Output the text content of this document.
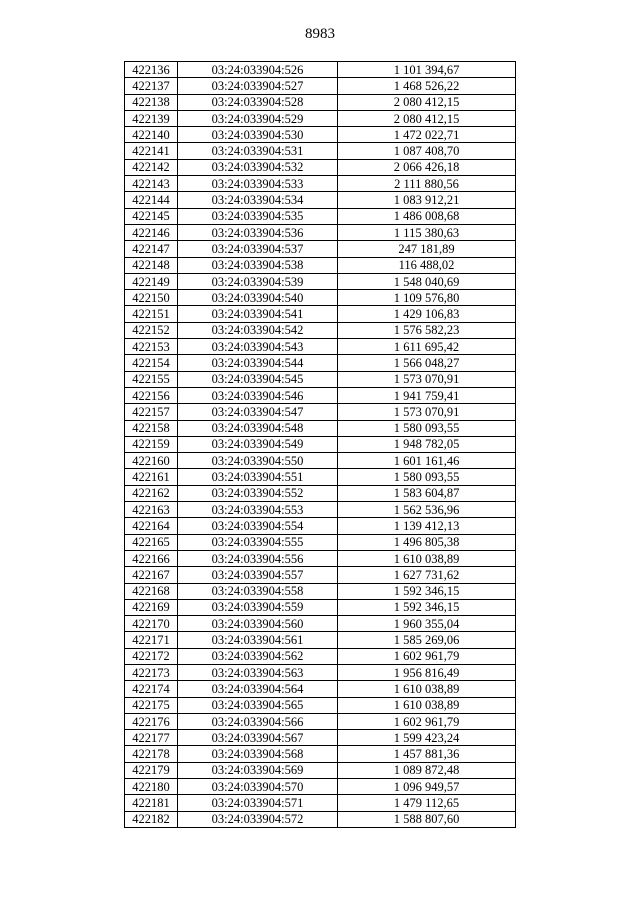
8983
422136	03:24:033904:526	1 101 394,67
422137	03:24:033904:527	1 468 526,22
422138	03:24:033904:528	2 080 412,15
422139	03:24:033904:529	2 080 412,15
422140	03:24:033904:530	1 472 022,71
422141	03:24:033904:531	1 087 408,70
422142	03:24:033904:532	2 066 426,18
422143	03:24:033904:533	2 111 880,56
422144	03:24:033904:534	1 083 912,21
422145	03:24:033904:535	1 486 008,68
422146	03:24:033904:536	1 115 380,63
422147	03:24:033904:537	247 181,89
422148	03:24:033904:538	116 488,02
422149	03:24:033904:539	1 548 040,69
422150	03:24:033904:540	1 109 576,80
422151	03:24:033904:541	1 429 106,83
422152	03:24:033904:542	1 576 582,23
422153	03:24:033904:543	1 611 695,42
422154	03:24:033904:544	1 566 048,27
422155	03:24:033904:545	1 573 070,91
422156	03:24:033904:546	1 941 759,41
422157	03:24:033904:547	1 573 070,91
422158	03:24:033904:548	1 580 093,55
422159	03:24:033904:549	1 948 782,05
422160	03:24:033904:550	1 601 161,46
422161	03:24:033904:551	1 580 093,55
422162	03:24:033904:552	1 583 604,87
422163	03:24:033904:553	1 562 536,96
422164	03:24:033904:554	1 139 412,13
422165	03:24:033904:555	1 496 805,38
422166	03:24:033904:556	1 610 038,89
422167	03:24:033904:557	1 627 731,62
422168	03:24:033904:558	1 592 346,15
422169	03:24:033904:559	1 592 346,15
422170	03:24:033904:560	1 960 355,04
422171	03:24:033904:561	1 585 269,06
422172	03:24:033904:562	1 602 961,79
422173	03:24:033904:563	1 956 816,49
422174	03:24:033904:564	1 610 038,89
422175	03:24:033904:565	1 610 038,89
422176	03:24:033904:566	1 602 961,79
422177	03:24:033904:567	1 599 423,24
422178	03:24:033904:568	1 457 881,36
422179	03:24:033904:569	1 089 872,48
422180	03:24:033904:570	1 096 949,57
422181	03:24:033904:571	1 479 112,65
422182	03:24:033904:572	1 588 807,60
